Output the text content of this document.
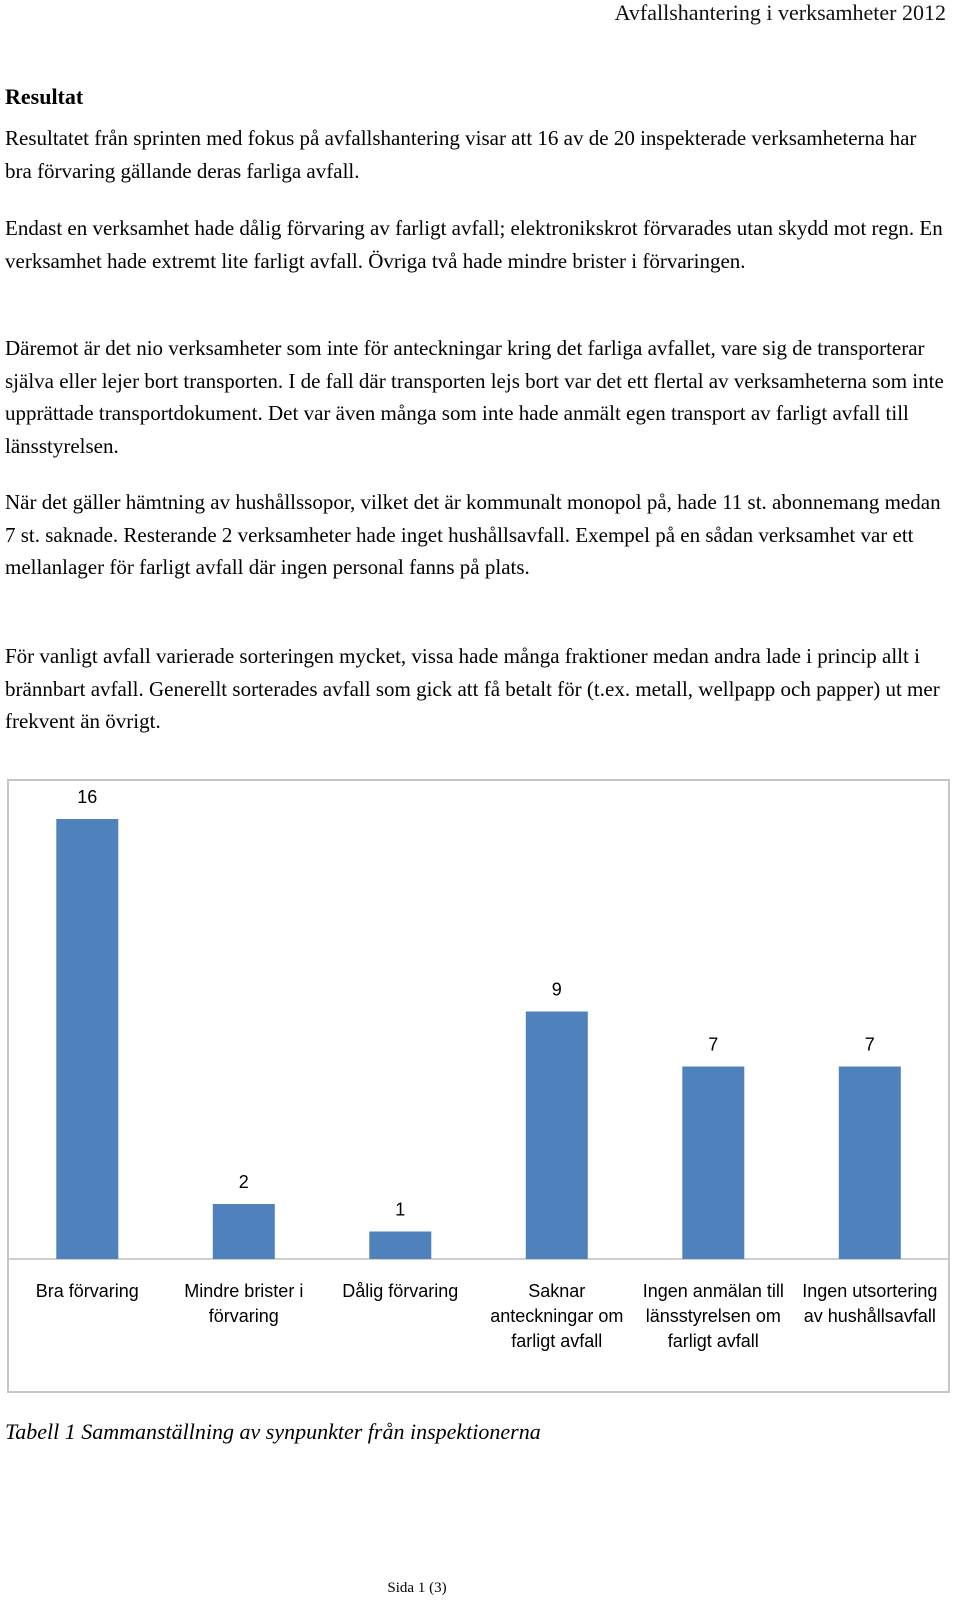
Avfallshantering i verksamheter 2012
Resultat

Resultatet från sprinten med fokus på avfallshantering visar att 16 av de 20 inspekterade verksamheterna har bra förvaring gällande deras farliga avfall.

Endast en verksamhet hade dålig förvaring av farligt avfall; elektronikskrot förvarades utan skydd mot regn. En verksamhet hade extremt lite farligt avfall. Övriga två hade mindre brister i förvaringen.

Däremot är det nio verksamheter som inte för anteckningar kring det farliga avfallet, vare sig de transporterar själva eller lejer bort transporten. I de fall där transporten lejs bort var det ett flertal av verksamheterna som inte upprättade transportdokument. Det var även många som inte hade anmält egen transport av farligt avfall till länsstyrelsen.

När det gäller hämtning av hushållssopor, vilket det är kommunalt monopol på, hade 11 st. abonnemang medan 7 st. saknade. Resterande 2 verksamheter hade inget hushållsavfall. Exempel på en sådan verksamhet var ett mellanlager för farligt avfall där ingen personal fanns på plats.

För vanligt avfall varierade sorteringen mycket, vissa hade många fraktioner medan andra lade i princip allt i brännbart avfall. Generellt sorterades avfall som gick att få betalt för (t.ex. metall, wellpapp och papper) ut mer frekvent än övrigt.

16
Bra förvaring
2
Mindre brister i förvaring
1
Dålig förvaring
9
Saknar anteckningar om farligt avfall
7
Ingen anmälan till länsstyrelsen om farligt avfall
7
Ingen utsortering av hushållsavfall
Tabell 1 Sammanställning av synpunkter från inspektionerna
Sida 1 (3)
